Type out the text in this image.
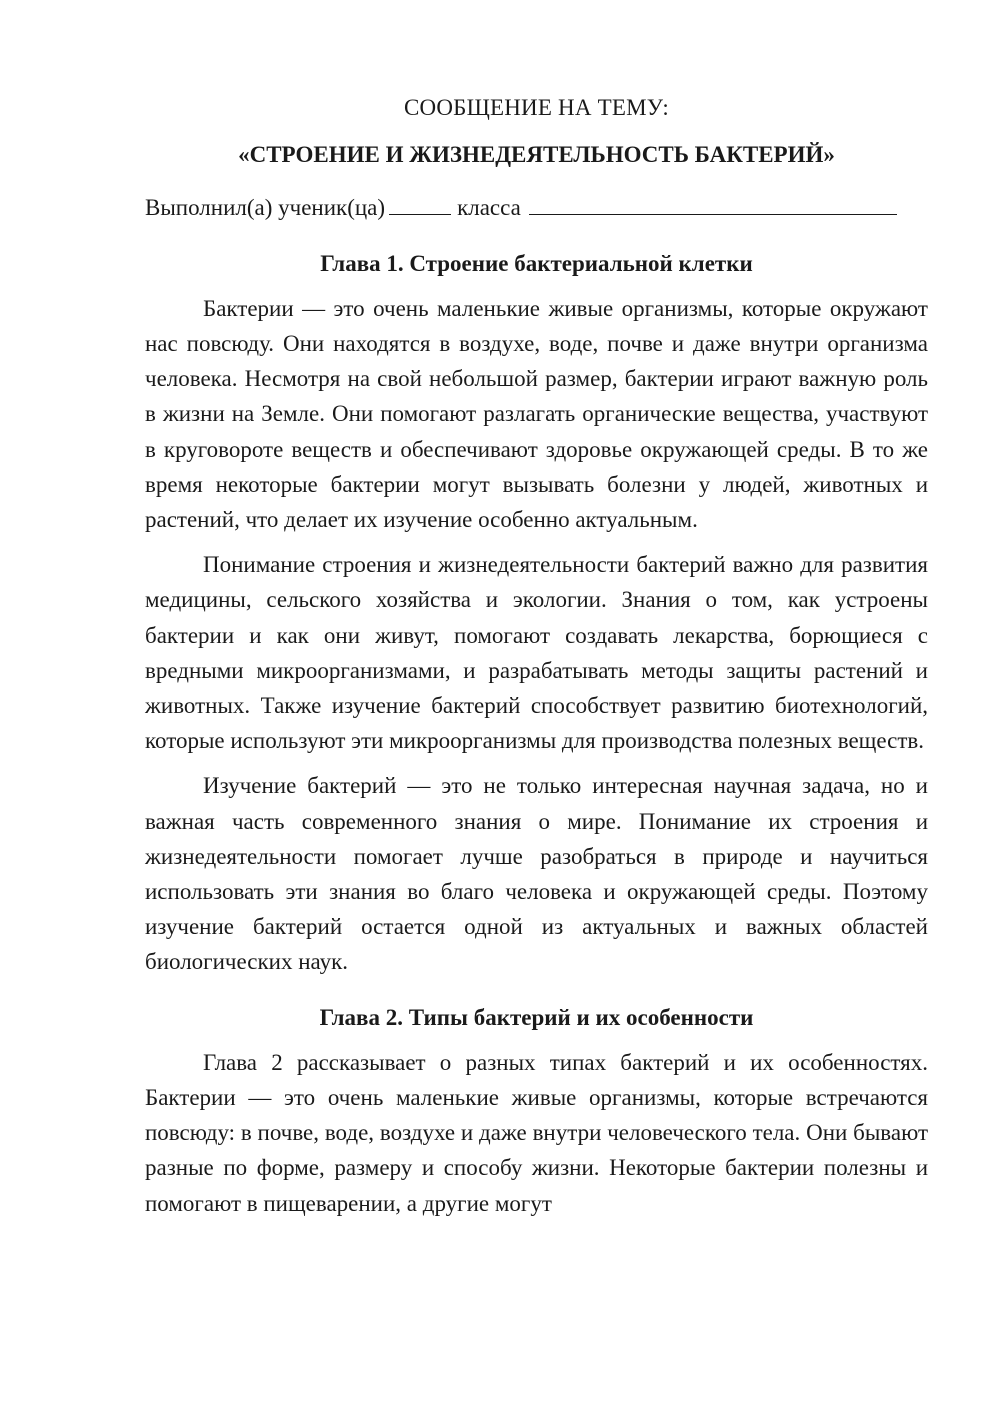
СООБЩЕНИЕ НА ТЕМУ:

«СТРОЕНИЕ И ЖИЗНЕДЕЯТЕЛЬНОСТЬ БАКТЕРИЙ»

Выполнил(а) ученик(ца)	класса

Глава 1. Строение бактериальной клетки

Бактерии — это очень маленькие живые организмы, которые окружают нас повсюду. Они находятся в воздухе, воде, почве и даже внутри организма человека. Несмотря на свой небольшой размер, бактерии играют важную роль в жизни на Земле. Они помогают разлагать органические вещества, участвуют в круговороте веществ и обеспечивают здоровье окружающей среды. В то же время некоторые бактерии могут вызывать болезни у людей, животных и растений, что делает их изучение особенно актуальным.

Понимание строения и жизнедеятельности бактерий важно для развития медицины, сельского хозяйства и экологии. Знания о том, как устроены бактерии и как они живут, помогают создавать лекарства, борющиеся с вредными микроорганизмами, и разрабатывать методы защиты растений и животных. Также изучение бактерий способствует развитию биотехнологий, которые используют эти микроорганизмы для производства полезных веществ.

Изучение бактерий — это не только интересная научная задача, но и важная часть современного знания о мире. Понимание их строения и жизнедеятельности помогает лучше разобраться в природе и научиться использовать эти знания во благо человека и окружающей среды. Поэтому изучение бактерий остается одной из актуальных и важных областей биологических наук.

Глава 2. Типы бактерий и их особенности

Глава 2 рассказывает о разных типах бактерий и их особенностях. Бактерии — это очень маленькие живые организмы, которые встречаются повсюду: в почве, воде, воздухе и даже внутри человеческого тела. Они бывают разные по форме, размеру и способу жизни. Некоторые бактерии полезны и помогают в пищеварении, а другие могут
